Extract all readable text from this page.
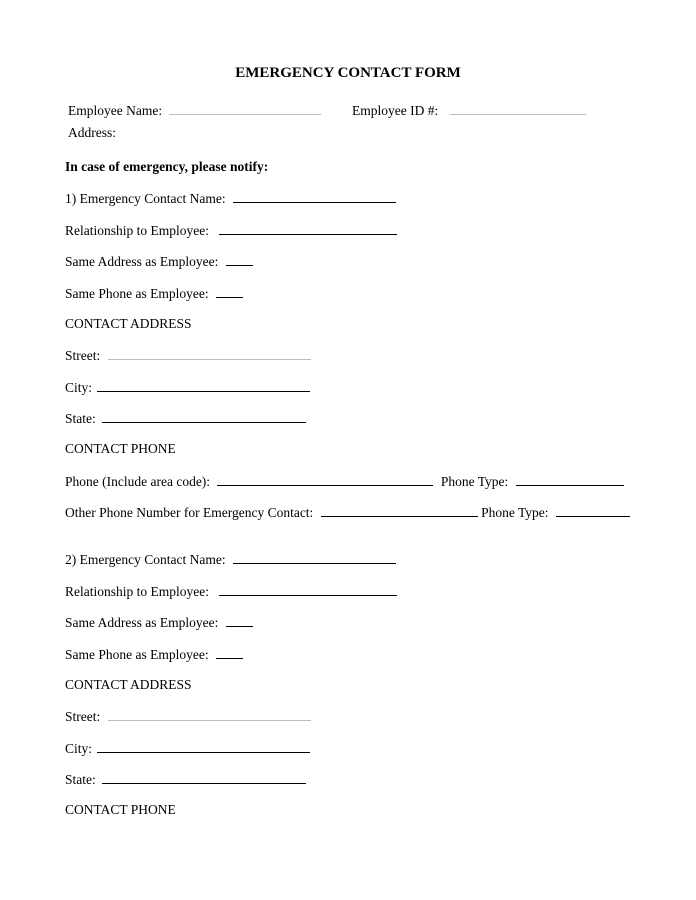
EMERGENCY CONTACT FORM
Employee Name:	Employee ID #:
Address:
In case of emergency, please notify:
1) Emergency Contact Name:
Relationship to Employee:
Same Address as Employee:
Same Phone as Employee:
CONTACT ADDRESS
Street:
City:
State:
CONTACT PHONE
Phone (Include area code):	Phone Type:
Other Phone Number for Emergency Contact:	Phone Type:
2) Emergency Contact Name:
Relationship to Employee:
Same Address as Employee:
Same Phone as Employee:
CONTACT ADDRESS
Street:
City:
State:
CONTACT PHONE
